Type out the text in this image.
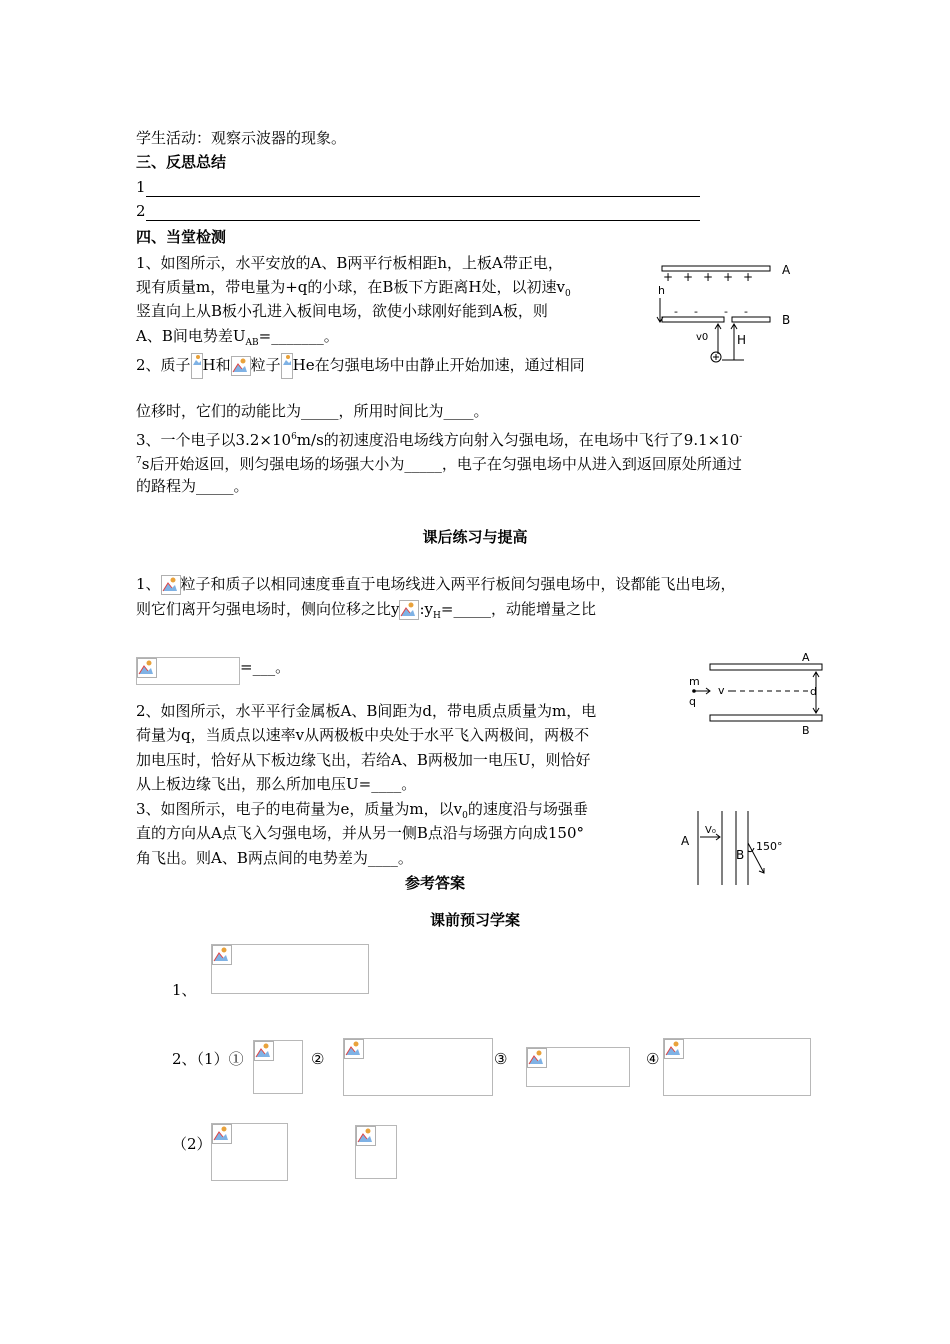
学生活动：观察示波器的现象。
三、反思总结
1
2
四、当堂检测
1、如图所示，水平安放的A、B两平行板相距h，上板A带正电，
现有质量m，带电量为+q的小球，在B板下方距离H处，以初速$v_0$
竖直向上从B板小孔进入板间电场，欲使小球刚好能到A板，则
A、B间电势差$U_{AB}=\_\_\_\_\_\_\_$。
+ + + + + A
h
- - - -
B
v0 H
2、质子 H和 粒子 He在匀强电场中由静止开始加速，通过相同
位移时，它们的动能比为_____，所用时间比为____。
3、一个电子以$3.2\times 10^6m/s$的初速度沿电场线方向射入匀强电场，在电场中飞行了9.1×10-
$^7$s后开始返回，则匀强电场的场强大小为_____，电子在匀强电场中从进入到返回原处所通过
的路程为_____。
课后练习与提高
1、 粒子和质子以相同速度垂直于电场线进入两平行板间匀强电场中，设都能飞出电场，
则它们离开匀强电场时，侧向位移之比y $:y_H=\_\_\_\_\_$，动能增量之比
=___。
A
m
v
q
B
d
2、如图所示，水平平行金属板A、B间距为d，带电质点质量为m，电
荷量为q，当质点以速率v从两极板中央处于水平飞入两极间，两极不
加电压时，恰好从下板边缘飞出，若给A、B两极加一电压U，则恰好
从上板边缘飞出，那么所加电压U=____。
3、如图所示，电子的电荷量为e，质量为m，以$v_0$的速度沿与场强垂
直的方向从A点飞入匀强电场，并从另一侧B点沿与场强方向成150°
角飞出。则A、B两点间的电势差为____。
A
V₀
B
150°
参考答案
课前预习学案
1、
2、（1）①	②	③	④
（2）
